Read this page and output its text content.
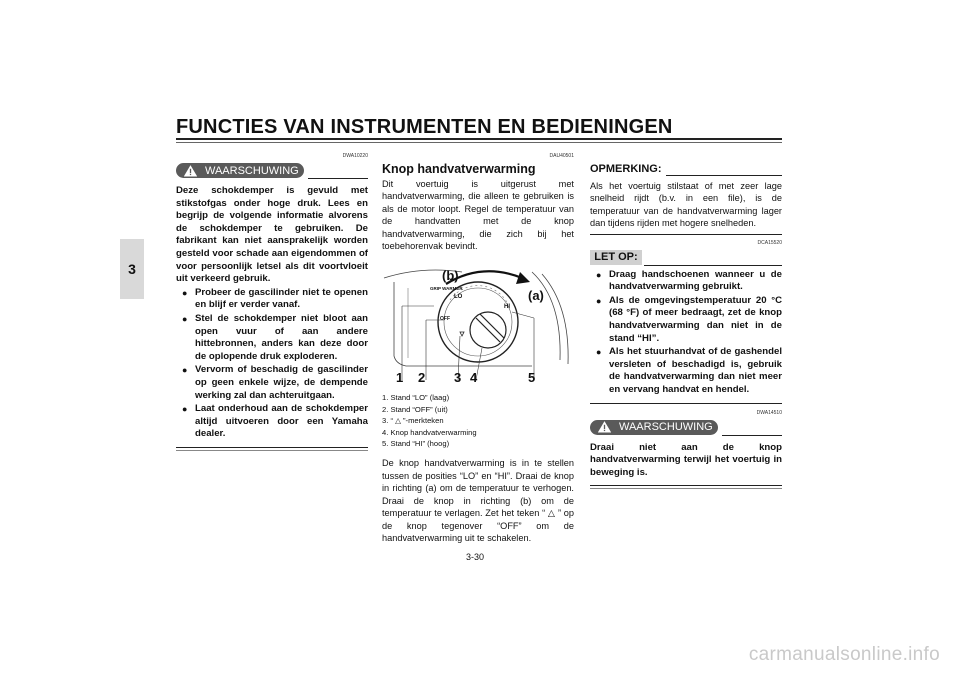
FUNCTIES VAN INSTRUMENTEN EN BEDIENINGEN
3
DWA10220
WAARSCHUWING

Deze schokdemper is gevuld met stikstofgas onder hoge druk. Lees en begrijp de volgende informatie alvorens de schokdemper te gebruiken. De fabrikant kan niet aansprakelijk worden gesteld voor schade aan eigendommen of voor persoonlijk letsel als dit voortvloeit uit verkeerd gebruik.

● Probeer de gascilinder niet te openen en blijf er verder vanaf.
● Stel de schokdemper niet bloot aan open vuur of aan andere hittebronnen, anders kan deze door de oplopende druk exploderen.
● Vervorm of beschadig de gascilinder op geen enkele wijze, de dempende werking zal dan achteruitgaan.
● Laat onderhoud aan de schokdemper altijd uitvoeren door een Yamaha dealer.
DAU40501
Knop handvatverwarming

Dit voertuig is uitgerust met handvatverwarming, die alleen te gebruiken is als de motor loopt. Regel de temperatuur van de handvatten met de knop handvatverwarming, die zich bij het toebehorenvak bevindt.

(b)
(a)
GRIP WARMER
LO
HI
OFF
1 2 3 4	5
1. Stand “LO” (laag)
2. Stand “OFF” (uit)
3. “ △ ”-merkteken
4. Knop handvatverwarming
5. Stand “HI” (hoog)

De knop handvatverwarming is in te stellen tussen de posities “LO” en “HI”. Draai de knop in richting (a) om de temperatuur te verhogen. Draai de knop in richting (b) om de temperatuur te verlagen. Zet het teken “ △ ” op de knop tegenover “OFF” om de handvatverwarming uit te schakelen.

OPMERKING:

Als het voertuig stilstaat of met zeer lage snelheid rijdt (b.v. in een file), is de temperatuur van de handvatverwarming lager dan tijdens rijden met hogere snelheden.

DCA15520
LET OP:
● Draag handschoenen wanneer u de handvatverwarming gebruikt.
● Als de omgevingstemperatuur 20 °C (68 °F) of meer bedraagt, zet de knop handvatverwarming dan niet in de stand “HI”.
● Als het stuurhandvat of de gashendel versleten of beschadigd is, gebruik de handvatverwarming dan niet meer en vervang handvat en hendel.
DWA14510
WAARSCHUWING

Draai niet aan de knop handvatverwarming terwijl het voertuig in beweging is.

3-30
carmanualsonline.info
